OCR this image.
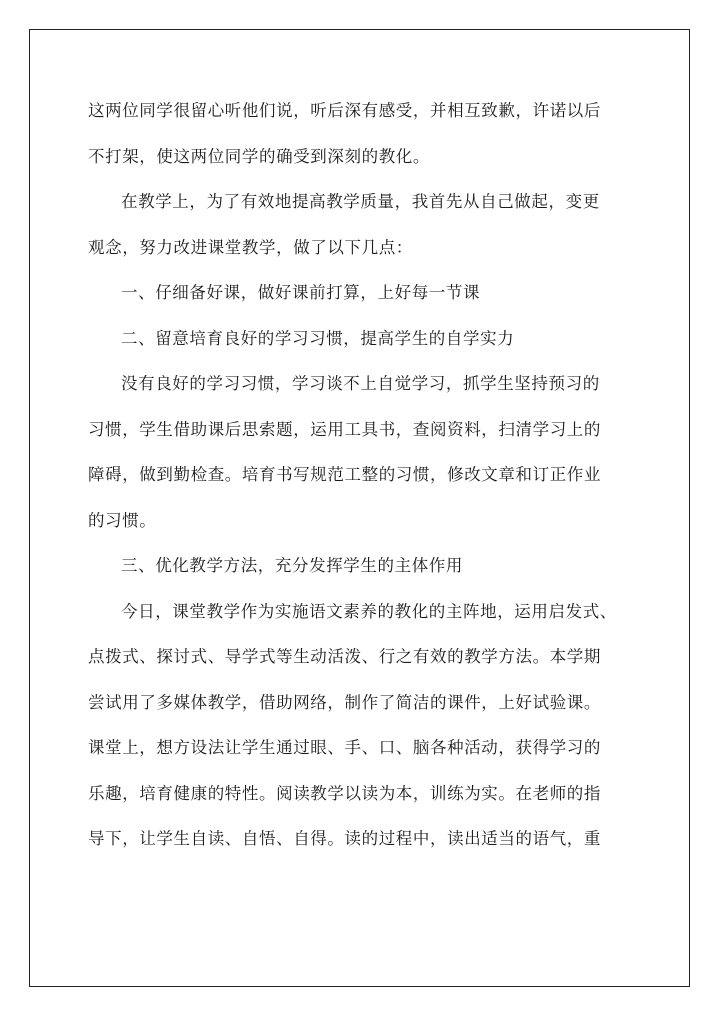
这两位同学很留心听他们说，听后深有感受，并相互致歉，许诺以后
不打架，使这两位同学的确受到深刻的教化。
在教学上，为了有效地提高教学质量，我首先从自己做起，变更
观念，努力改进课堂教学，做了以下几点：
一、仔细备好课，做好课前打算，上好每一节课
二、留意培育良好的学习习惯，提高学生的自学实力
没有良好的学习习惯，学习谈不上自觉学习，抓学生坚持预习的
习惯，学生借助课后思索题，运用工具书，查阅资料，扫清学习上的
障碍，做到勤检查。培育书写规范工整的习惯，修改文章和订正作业
的习惯。
三、优化教学方法，充分发挥学生的主体作用
今日，课堂教学作为实施语文素养的教化的主阵地，运用启发式、
点拨式、探讨式、导学式等生动活泼、行之有效的教学方法。本学期
尝试用了多媒体教学，借助网络，制作了简洁的课件，上好试验课。
课堂上，想方设法让学生通过眼、手、口、脑各种活动，获得学习的
乐趣，培育健康的特性。阅读教学以读为本，训练为实。在老师的指
导下，让学生自读、自悟、自得。读的过程中，读出适当的语气，重
